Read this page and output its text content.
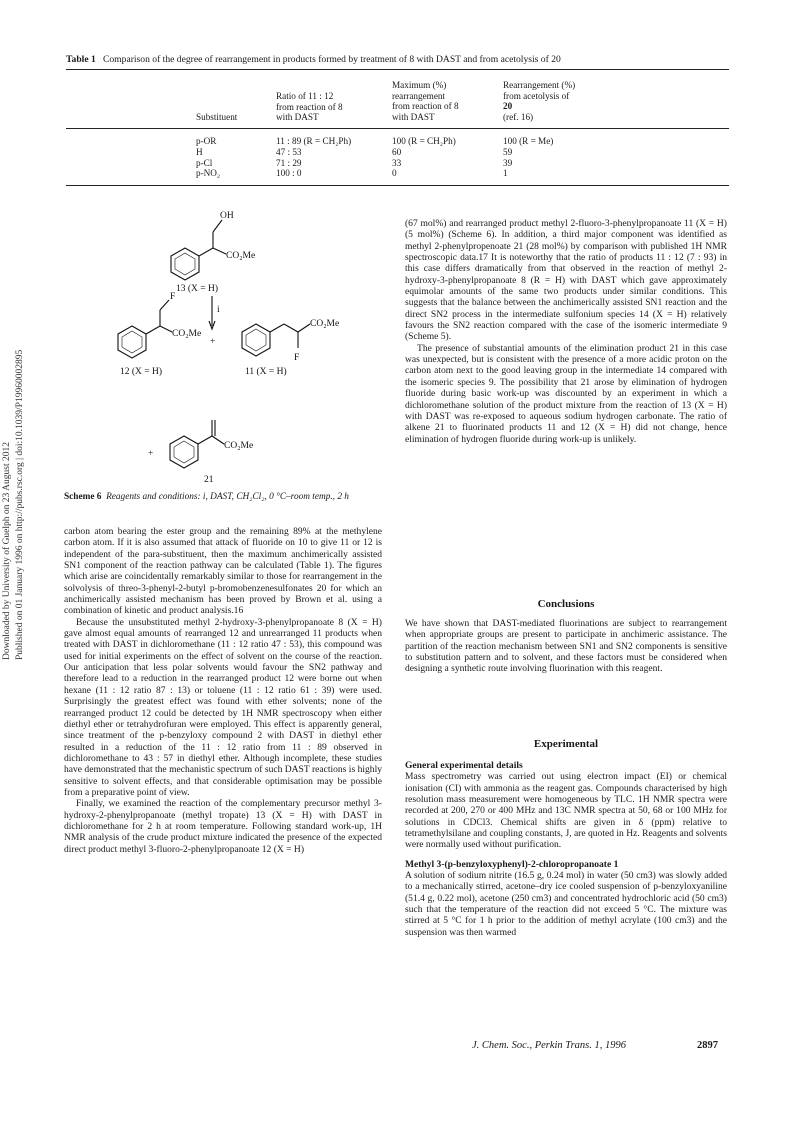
Downloaded by University of Guelph on 23 August 2012 Published on 01 January 1996 on http://pubs.rsc.org | doi:10.1039/P19960002895
Table 1 Comparison of the degree of rearrangement in products formed by treatment of 8 with DAST and from acetolysis of 20
Substituent
Ratio of 11 : 12
from reaction of 8
with DAST
Maximum (%)
rearrangement
from reaction of 8
with DAST
Rearrangement (%)
from acetolysis of
20
(ref. 16)
p-OR
H
p-Cl
p-NO₂
11 : 89 (R = CH₂Ph)
47 : 53
71 : 29
100 : 0
100 (R = CH₂Ph)
60
33
0
100 (R = Me)
59
39
1
OH
CO₂Me
13 (X = H)
i
F
CO₂Me
+
12 (X = H)
CO₂Me
F
11 (X = H)
+
CO₂Me
21
Scheme 6 Reagents and conditions: i, DAST, CH₂Cl₂, 0 °C–room temp., 2 h

carbon atom bearing the ester group and the remaining 89% at the methylene carbon atom. If it is also assumed that attack of fluoride on 10 to give 11 or 12 is independent of the para-substituent, then the maximum anchimerically assisted SN1 component of the reaction pathway can be calculated (Table 1). The figures which arise are coincidentally remarkably similar to those for rearrangement in the solvolysis of threo-3-phenyl-2-butyl p-bromobenzenesulfonates 20 for which an anchimerically assisted mechanism has been proved by Brown et al. using a combination of kinetic and product analysis.16

Because the unsubstituted methyl 2-hydroxy-3-phenylpropanoate 8 (X = H) gave almost equal amounts of rearranged 12 and unrearranged 11 products when treated with DAST in dichloromethane (11 : 12 ratio 47 : 53), this compound was used for initial experiments on the effect of solvent on the course of the reaction. Our anticipation that less polar solvents would favour the SN2 pathway and therefore lead to a reduction in the rearranged product 12 were borne out when hexane (11 : 12 ratio 87 : 13) or toluene (11 : 12 ratio 61 : 39) were used. Surprisingly the greatest effect was found with ether solvents; none of the rearranged product 12 could be detected by 1H NMR spectroscopy when either diethyl ether or tetrahydrofuran were employed. This effect is apparently general, since treatment of the p-benzyloxy compound 2 with DAST in diethyl ether resulted in a reduction of the 11 : 12 ratio from 11 : 89 observed in dichloromethane to 43 : 57 in diethyl ether. Although incomplete, these studies have demonstrated that the mechanistic spectrum of such DAST reactions is highly sensitive to solvent effects, and that considerable optimisation may be possible from a preparative point of view.

Finally, we examined the reaction of the complementary precursor methyl 3-hydroxy-2-phenylpropanoate (methyl tropate) 13 (X = H) with DAST in dichloromethane for 2 h at room temperature. Following standard work-up, 1H NMR analysis of the crude product mixture indicated the presence of the expected direct product methyl 3-fluoro-2-phenylpropanoate 12 (X = H)

(67 mol%) and rearranged product methyl 2-fluoro-3-phenylpropanoate 11 (X = H) (5 mol%) (Scheme 6). In addition, a third major component was identified as methyl 2-phenylpropenoate 21 (28 mol%) by comparison with published 1H NMR spectroscopic data.17 It is noteworthy that the ratio of products 11 : 12 (7 : 93) in this case differs dramatically from that observed in the reaction of methyl 2-hydroxy-3-phenylpropanoate 8 (R = H) with DAST which gave approximately equimolar amounts of the same two products under similar conditions. This suggests that the balance between the anchimerically assisted SN1 reaction and the direct SN2 process in the intermediate sulfonium species 14 (X = H) relatively favours the SN2 reaction compared with the case of the isomeric intermediate 9 (Scheme 5).

The presence of substantial amounts of the elimination product 21 in this case was unexpected, but is consistent with the presence of a more acidic proton on the carbon atom next to the good leaving group in the intermediate 14 compared with the isomeric species 9. The possibility that 21 arose by elimination of hydrogen fluoride during basic work-up was discounted by an experiment in which a dichloromethane solution of the product mixture from the reaction of 13 (X = H) with DAST was re-exposed to aqueous sodium hydrogen carbonate. The ratio of alkene 21 to fluorinated products 11 and 12 (X = H) did not change, hence elimination of hydrogen fluoride during work-up is unlikely.

Conclusions

We have shown that DAST-mediated fluorinations are subject to rearrangement when appropriate groups are present to participate in anchimeric assistance. The partition of the reaction mechanism between SN1 and SN2 components is sensitive to substitution pattern and to solvent, and these factors must be considered when designing a synthetic route involving fluorination with this reagent.

Experimental

General experimental details

Mass spectrometry was carried out using electron impact (EI) or chemical ionisation (CI) with ammonia as the reagent gas. Compounds characterised by high resolution mass measurement were homogeneous by TLC. 1H NMR spectra were recorded at 200, 270 or 400 MHz and 13C NMR spectra at 50, 68 or 100 MHz for solutions in CDCl3. Chemical shifts are given in δ (ppm) relative to tetramethylsilane and coupling constants, J, are quoted in Hz. Reagents and solvents were normally used without purification.

Methyl 3-(p-benzyloxyphenyl)-2-chloropropanoate 1

A solution of sodium nitrite (16.5 g, 0.24 mol) in water (50 cm3) was slowly added to a mechanically stirred, acetone–dry ice cooled suspension of p-benzyloxyaniline (51.4 g, 0.22 mol), acetone (250 cm3) and concentrated hydrochloric acid (50 cm3) such that the temperature of the reaction did not exceed 5 °C. The mixture was stirred at 5 °C for 1 h prior to the addition of methyl acrylate (100 cm3) and the suspension was then warmed

J. Chem. Soc., Perkin Trans. 1, 1996	2897
